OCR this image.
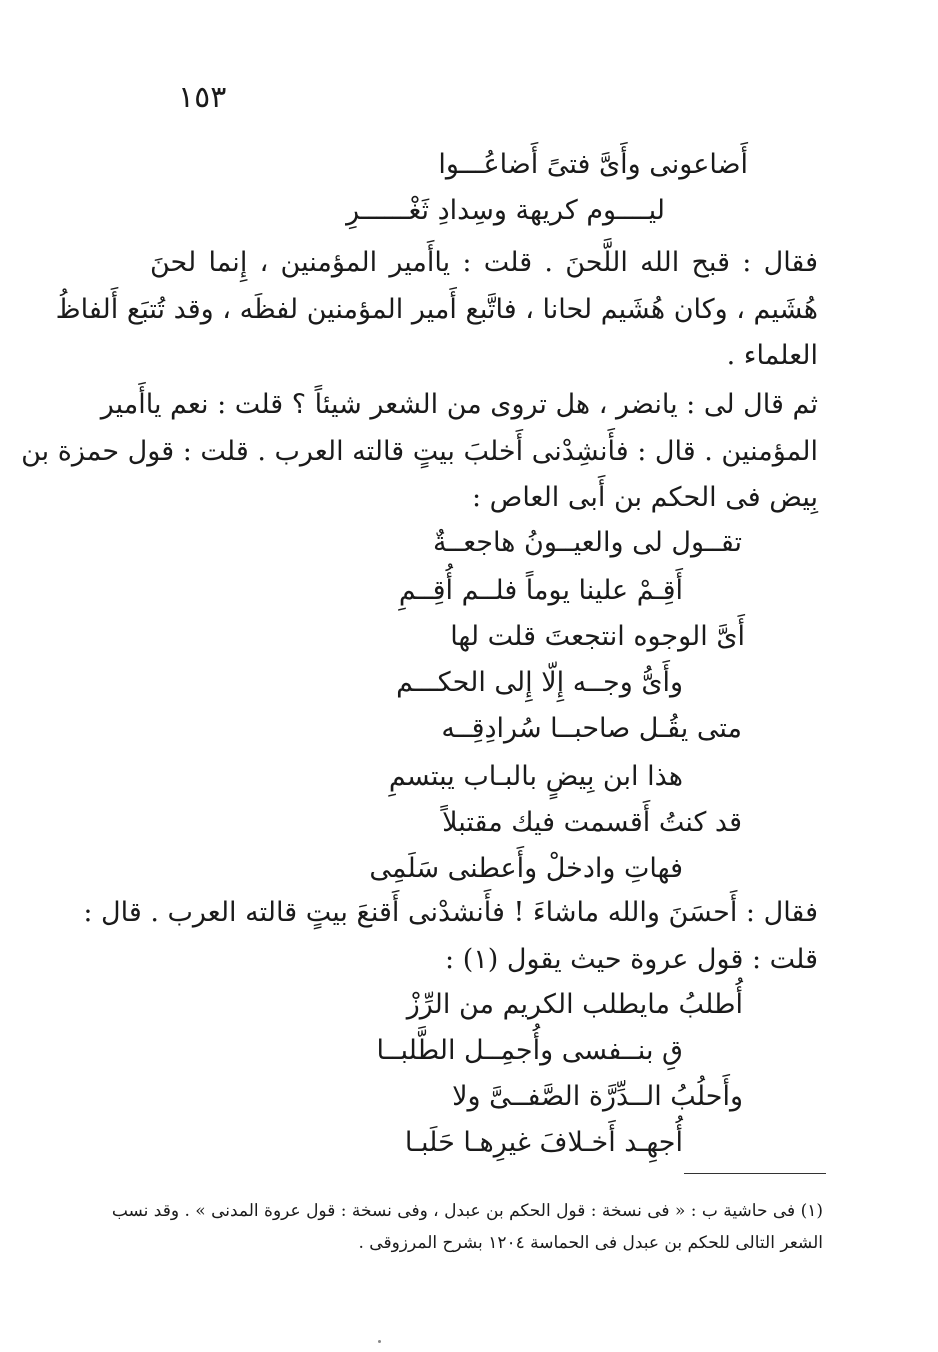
١٥٣
أَضاعونى وأَىَّ فتىً أَضاعُـــوا
ليــــوم كريهة وسِدادِ ثَغْــــــرِ
فقال : قبح الله اللَّحنَ . قلت : ياأَمير المؤمنين ، إِنما لحنَ
هُشَيم ، وكان هُشَيم لحانا ، فاتَّبع أَمير المؤمنين لفظَه ، وقد تُتبَع أَلفاظُ
العلماء .
ثم قال لى : يانضر ، هل تروى من الشعر شيئاً ؟ قلت : نعم ياأَمير
المؤمنين . قال : فأَنشِدْنى أَخلبَ بيتٍ قالته العرب . قلت : قول حمزة بن
بِيض فى الحكم بن أَبى العاص :
تقــول لى والعيــونُ هاجعــةٌ
أَقِـمْ علينا يوماً فلــم أُقِــمِ
أَىَّ الوجوه انتجعتَ قلت لها
وأَىُّ وجــه إِلّا إِلى الحكـــم
متى يقُـل صاحبــا سُرادِقِــه
هذا ابن بِيضٍ بالبـاب يبتسمِ
قد كنتُ أَقسمت فيك مقتبلاً
فهاتِ وادخلْ وأَعطنى سَلَمِى
فقال : أَحسَنَ والله ماشاءَ ! فأَنشدْنى أَقنعَ بيتٍ قالته العرب . قال :
قلت : قول عروة حيث يقول (١) :
أُطلبُ مايطلب الكريم من الرِّزْ
قِ بنــفسى وأُجمِــل الطَّلبــا
وأَحلُبُ الــدِّرَّة الصَّفــىَّ ولا
أُجهِـد أَخـلافَ غيرِهـا حَلَبـا
(١) فى حاشية ب : « فى نسخة : قول الحكم بن عبدل ، وفى نسخة : قول عروة المدنى » . وقد نسب
الشعر التالى للحكم بن عبدل فى الحماسة ١٢٠٤ بشرح المرزوقى .
